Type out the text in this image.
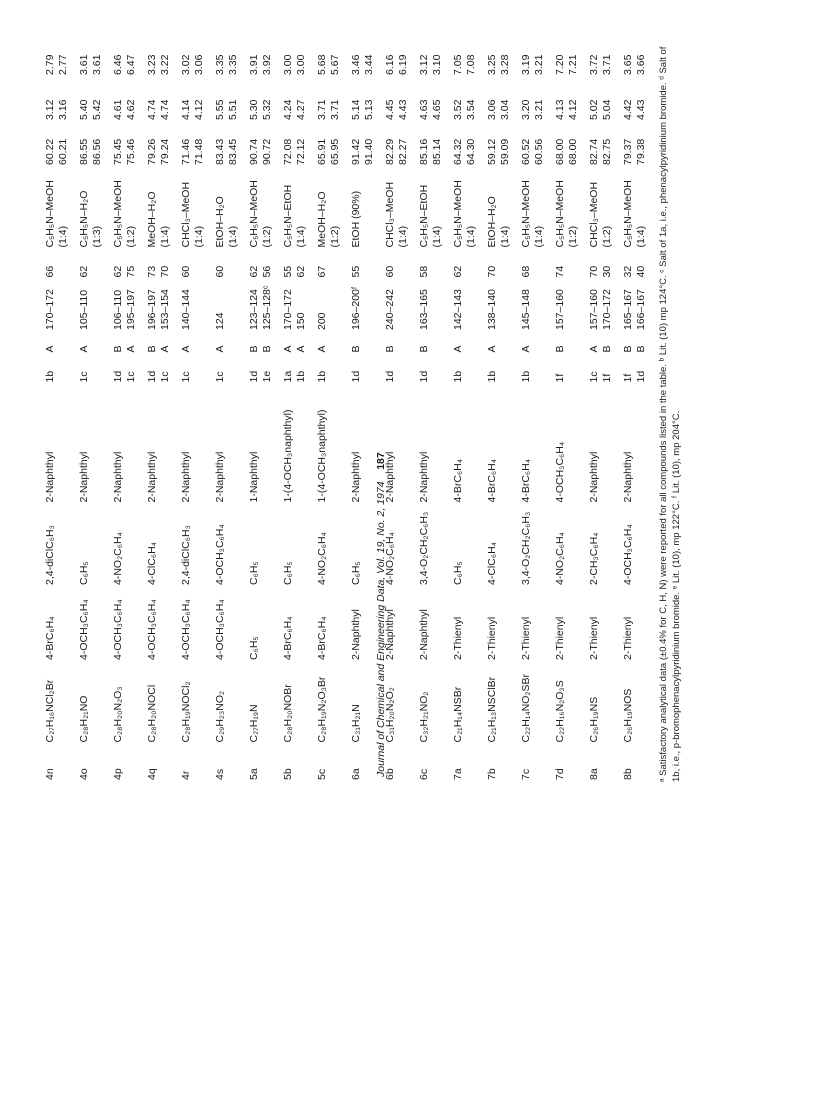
4n	C₂₇H₁₆NCl₂Br	4-BrC₆H₄	2,4-diClC₆H₃	2-Naphthyl	1b	A	170–172	66	C₅H₅N–MeOH (1:4)	60.22 60.21	3.12 3.16	2.79 2.77

4o	C₂₈H₂₁NO	4-OCH₃C₆H₄	C₆H₅	2-Naphthyl	1c	A	105–110	62	C₅H₅N–H₂O (1:3)	86.55 86.56	5.40 5.42	3.61 3.61

4p	C₂₈H₂₀N₂O₃	4-OCH₃C₆H₄	4-NO₂C₆H₄	2-Naphthyl	1d 1c	B A	106–110 195–197	62 75	C₅H₅N–MeOH (1:2)	75.45 75.46	4.61 4.62	6.46 6.47

4q	C₂₈H₂₀NOCl	4-OCH₃C₆H₄	4-ClC₆H₄	2-Naphthyl	1d 1c	B A	196–197 153–154	73 70	MeOH–H₂O (1:4)	79.26 79.24	4.74 4.74	3.23 3.22

4r	C₂₈H₁₉NOCl₂	4-OCH₃C₆H₄	2,4-diClC₆H₃	2-Naphthyl	1c	A	140–144	60	CHCl₃–MeOH (1:4)	71.46 71.48	4.14 4.12	3.02 3.06

4s	C₂₉H₂₃NO₂	4-OCH₃C₆H₄	4-OCH₃C₆H₄	2-Naphthyl	1c	A	124	60	EtOH–H₂O (1:4)	83.43 83.45	5.55 5.51	3.35 3.35

5a	C₂₇H₁₉N	C₆H₅	C₆H₅	1-Naphthyl	1d 1e	B B	123–124 125–128ᶜ	62 56	C₅H₅N–MeOH (1:2)	90.74 90.72	5.30 5.32	3.91 3.92

5b	C₂₈H₂₀NOBr	4-BrC₆H₄	C₆H₅	1-(4-OCH₃naphthyl)	1a 1b	A A	170–172 150	55 62	C₅H₅N–EtOH (1:4)	72.08 72.12	4.24 4.27	3.00 3.00

5c	C₂₈H₁₉N₂O₃Br	4-BrC₆H₄	4-NO₂C₆H₄	1-(4-OCH₃naphthyl)	1b	A	200	67	MeOH–H₂O (1:2)	65.91 65.95	3.71 3.71	5.68 5.67

6a	C₃₁H₂₁N	2-Naphthyl	C₆H₅	2-Naphthyl	1d	B	196–200ᶠ	55	EtOH (90%)	91.42 91.40	5.14 5.13	3.46 3.44

6b	C₃₁H₂₀N₂O₂	2-Naphthyl	4-NO₂C₆H₄	2-Naphthyl	1d	B	240–242	60	CHCl₃–MeOH (1:4)	82.29 82.27	4.45 4.43	6.16 6.19

6c	C₃₂H₂₁NO₂	2-Naphthyl	3,4-O₂CH₂C₆H₃	2-Naphthyl	1d	B	163–165	58	C₅H₅N–EtOH (1:4)	85.16 85.14	4.63 4.65	3.12 3.10

7a	C₂₁H₁₄NSBr	2-Thienyl	C₆H₅	4-BrC₆H₄	1b	A	142–143	62	C₅H₅N–MeOH (1:4)	64.32 64.30	3.52 3.54	7.05 7.08

7b	C₂₁H₁₃NSClBr	2-Thienyl	4-ClC₆H₄	4-BrC₆H₄	1b	A	138–140	70	EtOH–H₂O (1:4)	59.12 59.09	3.06 3.04	3.25 3.28

7c	C₂₂H₁₄NO₂SBr	2-Thienyl	3,4-O₂CH₂C₆H₃	4-BrC₆H₄	1b	A	145–148	68	C₅H₅N–MeOH (1:4)	60.52 60.56	3.20 3.21	3.19 3.21

7d	C₂₂H₁₆N₂O₃S	2-Thienyl	4-NO₂C₆H₄	4-OCH₃C₆H₄	1f	B	157–160	74	C₅H₅N–MeOH (1:2)	68.00 68.00	4.13 4.12	7.20 7.21

8a	C₂₆H₁₉NS	2-Thienyl	2-CH₃C₆H₄	2-Naphthyl	1c 1f	A B	157–160 170–172	70 30	CHCl₃–MeOH (1:2)	82.74 82.75	5.02 5.04	3.72 3.71

8b	C₂₆H₁₉NOS	2-Thienyl	4-OCH₃C₆H₄	2-Naphthyl	1f 1d	B B	165–167 166–167	32 40	C₅H₅N–MeOH (1:4)	79.37 79.38	4.42 4.43	3.65 3.66 ᵃ Satisfactory analytical data (±0.4% for C, H, N) were reported for all compounds listed in the table. ᵇ Lit. (10) mp 124°C. ᶜ Salt of 1a, i.e., phenacylpyridinium bromide. ᵈ Salt of 1b, i.e., p-bromophenacylpyridinium bromide. ᵉ Lit. (10), mp 122°C. ᶠ Lit. (10), mp 204°C.
Journal of Chemical and Engineering Data, Vol. 19, No. 2, 1974    187
